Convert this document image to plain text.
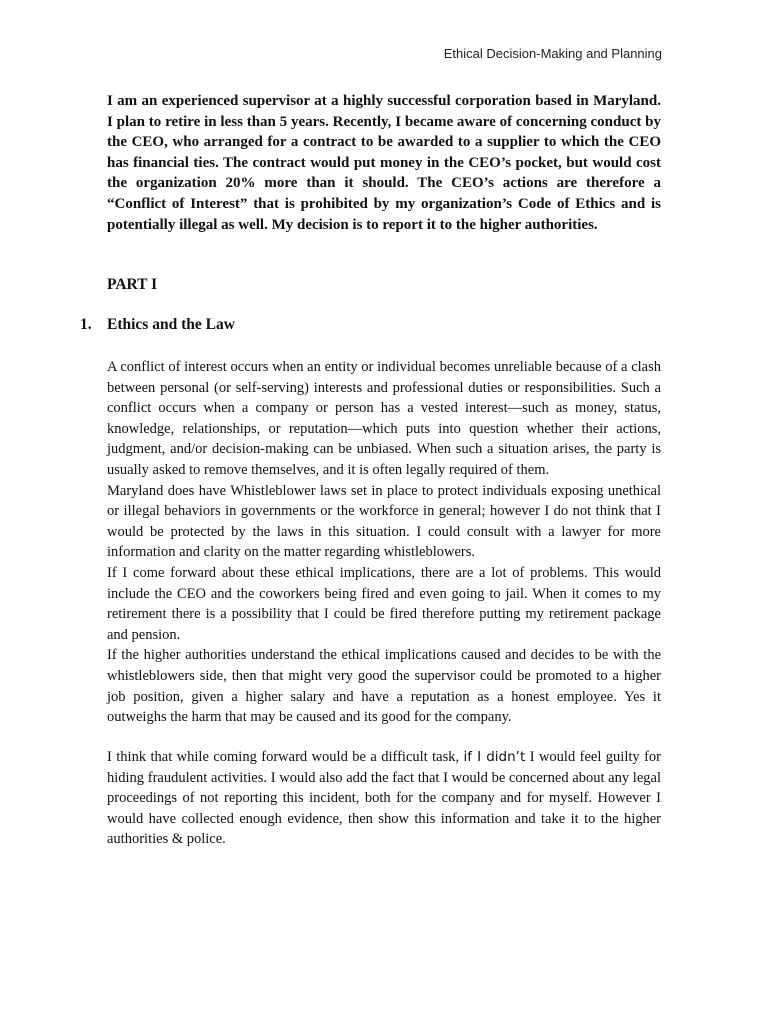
Ethical Decision-Making and Planning

I am an experienced supervisor at a highly successful corporation based in Maryland. I plan to retire in less than 5 years. Recently, I became aware of concerning conduct by the CEO, who arranged for a contract to be awarded to a supplier to which the CEO has financial ties. The contract would put money in the CEO’s pocket, but would cost the organization 20% more than it should. The CEO’s actions are therefore a “Conflict of Interest” that is prohibited by my organization’s Code of Ethics and is potentially illegal as well. My decision is to report it to the higher authorities.

PART I
1. Ethics and the Law

A conflict of interest occurs when an entity or individual becomes unreliable because of a clash between personal (or self-serving) interests and professional duties or responsibilities. Such a conflict occurs when a company or person has a vested interest—such as money, status, knowledge, relationships, or reputation—which puts into question whether their actions, judgment, and/or decision-making can be unbiased. When such a situation arises, the party is usually asked to remove themselves, and it is often legally required of them.

Maryland does have Whistleblower laws set in place to protect individuals exposing unethical or illegal behaviors in governments or the workforce in general; however I do not think that I would be protected by the laws in this situation. I could consult with a lawyer for more information and clarity on the matter regarding whistleblowers.

If I come forward about these ethical implications, there are a lot of problems. This would include the CEO and the coworkers being fired and even going to jail. When it comes to my retirement there is a possibility that I could be fired therefore putting my retirement package and pension.

If the higher authorities understand the ethical implications caused and decides to be with the whistleblowers side, then that might very good the supervisor could be promoted to a higher job position, given a higher salary and have a reputation as a honest employee. Yes it outweighs the harm that may be caused and its good for the company.

I think that while coming forward would be a difficult task, if I didn’t I would feel guilty for hiding fraudulent activities. I would also add the fact that I would be concerned about any legal proceedings of not reporting this incident, both for the company and for myself. However I would have collected enough evidence, then show this information and take it to the higher authorities & police.
